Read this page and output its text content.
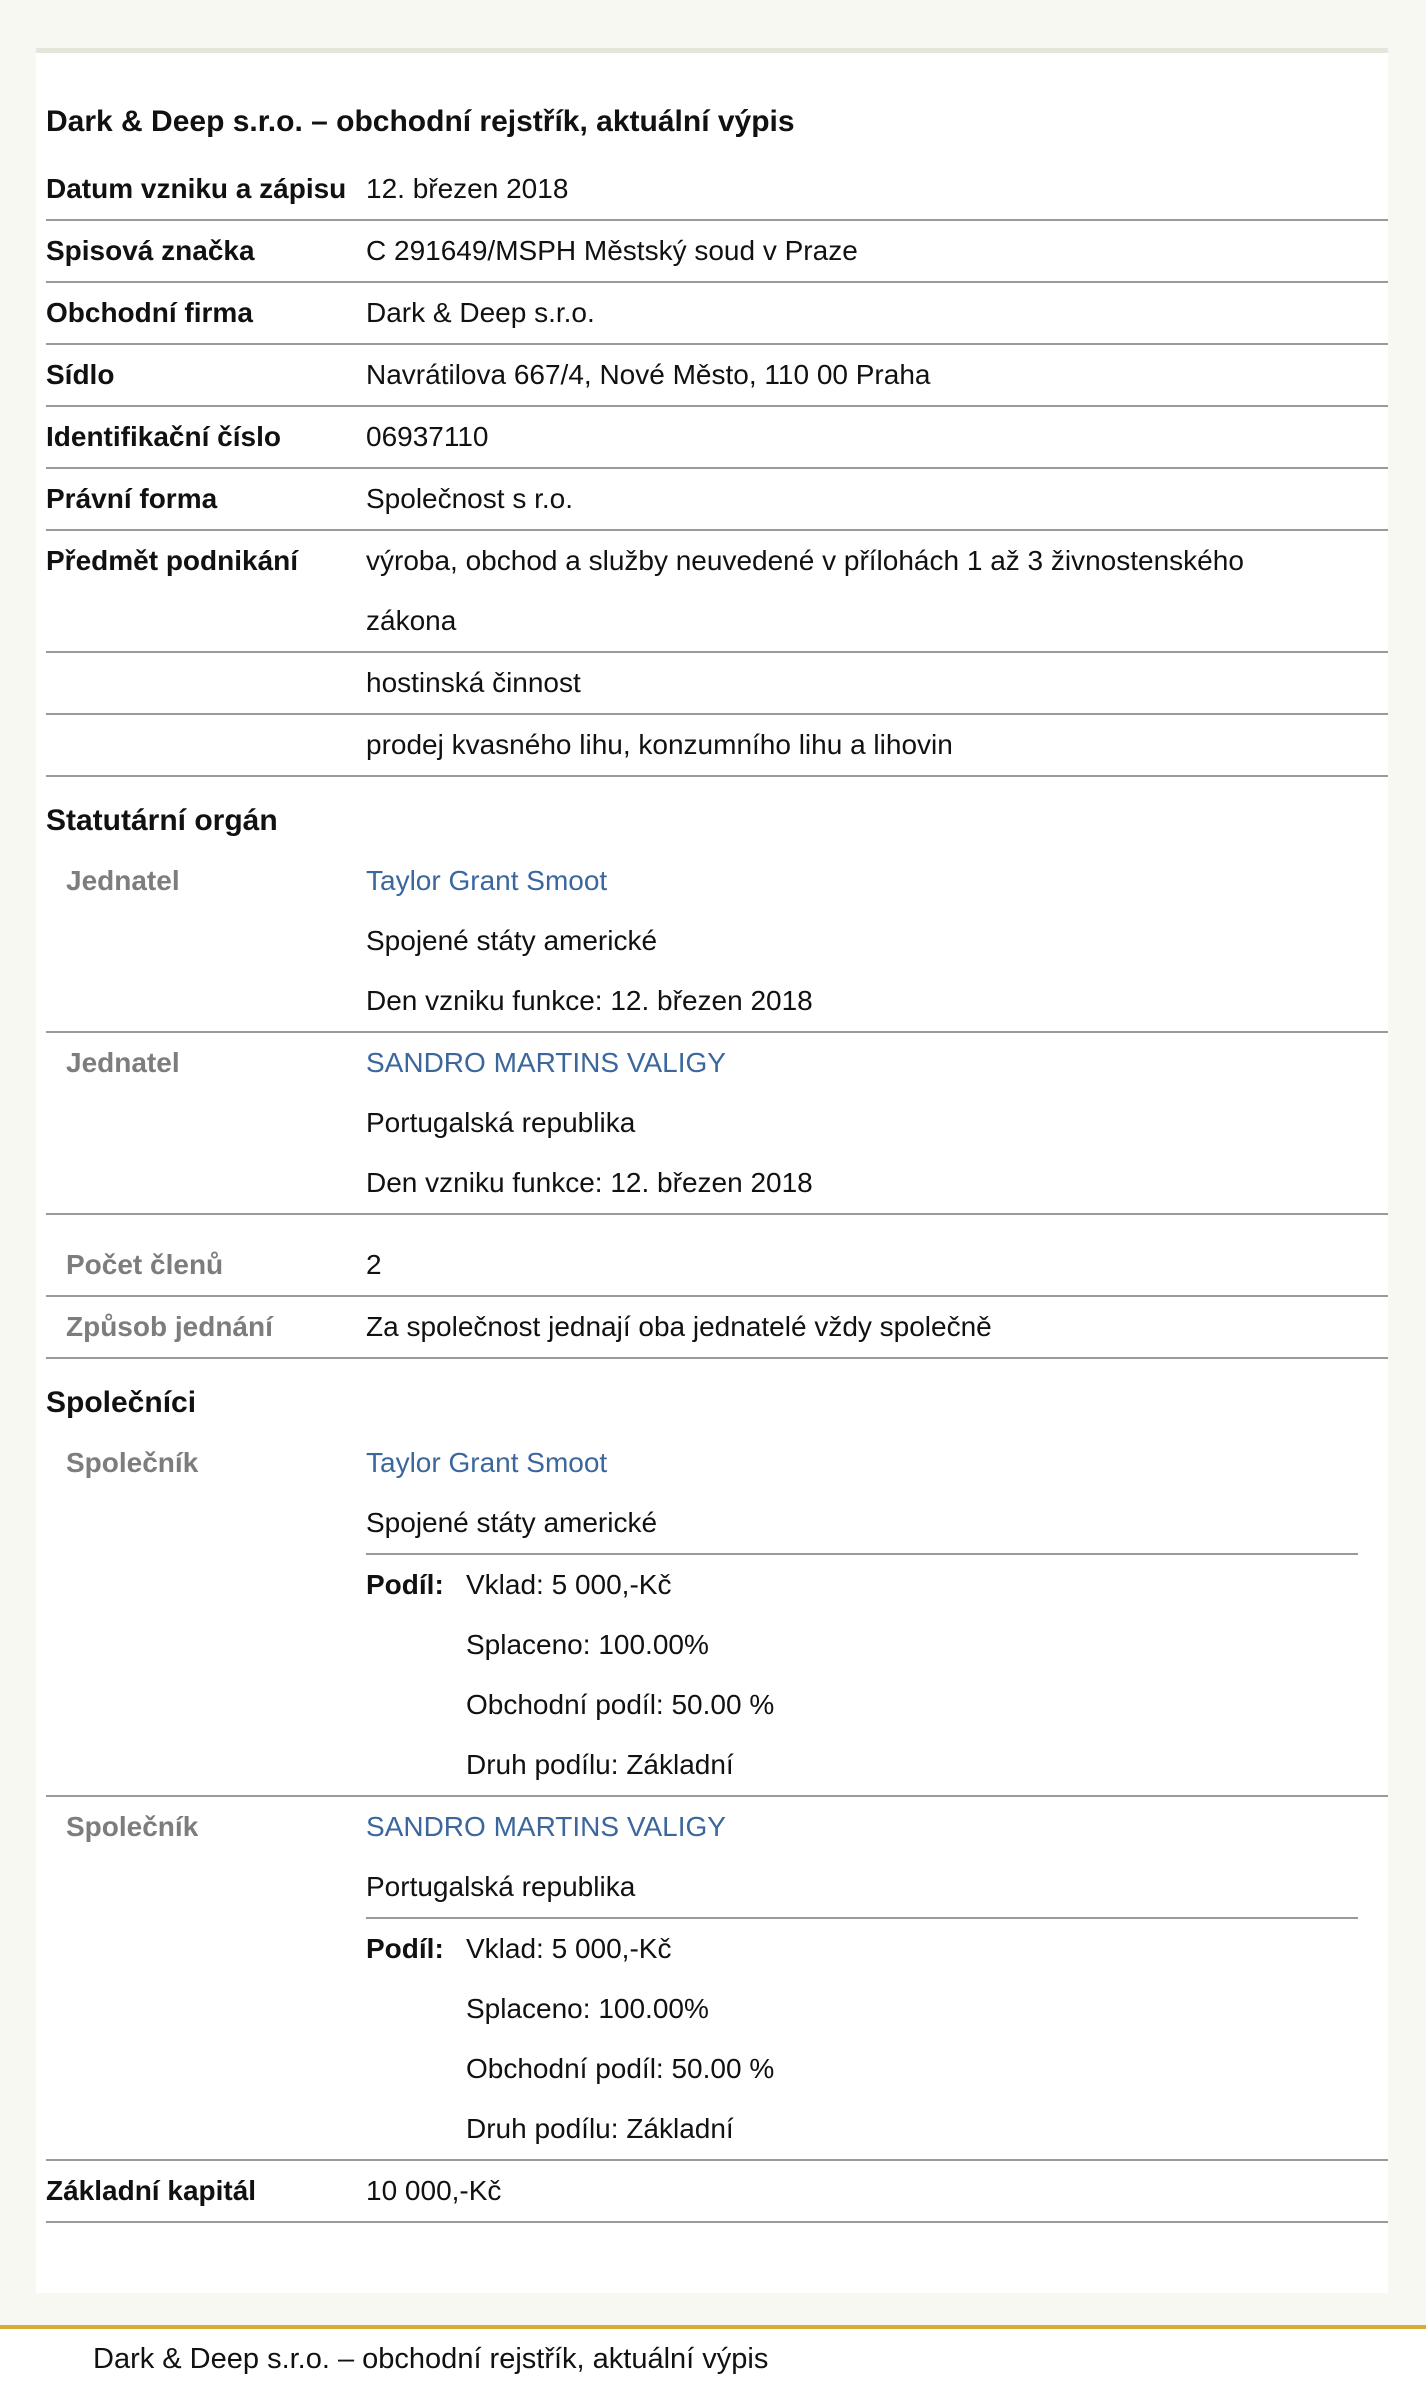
Dark & Deep s.r.o. – obchodní rejstřík, aktuální výpis
Datum vzniku a zápisu 12. březen 2018
Spisová značka	C 291649/MSPH Městský soud v Praze
Obchodní firma	Dark & Deep s.r.o.
Sídlo	Navrátilova 667/4, Nové Město, 110 00 Praha
Identifikační číslo	06937110
Právní forma	Společnost s r.o.
Předmět podnikání	výroba, obchod a služby neuvedené v přílohách 1 až 3 živnostenského zákona
hostinská činnost
prodej kvasného lihu, konzumního lihu a lihovin
Statutární orgán
Jednatel	Taylor Grant Smoot
Spojené státy americké
Den vzniku funkce: 12. březen 2018
Jednatel	SANDRO MARTINS VALIGY
Portugalská republika
Den vzniku funkce: 12. březen 2018
Počet členů	2
Způsob jednání	Za společnost jednají oba jednatelé vždy společně
Společníci
Společník	Taylor Grant Smoot
Spojené státy americké
Podíl: Vklad: 5 000,-Kč
Splaceno: 100.00%
Obchodní podíl: 50.00 %
Druh podílu: Základní
Společník	SANDRO MARTINS VALIGY
Portugalská republika
Podíl: Vklad: 5 000,-Kč
Splaceno: 100.00%
Obchodní podíl: 50.00 %
Druh podílu: Základní
Základní kapitál	10 000,-Kč
Dark & Deep s.r.o. – obchodní rejstřík, aktuální výpis
